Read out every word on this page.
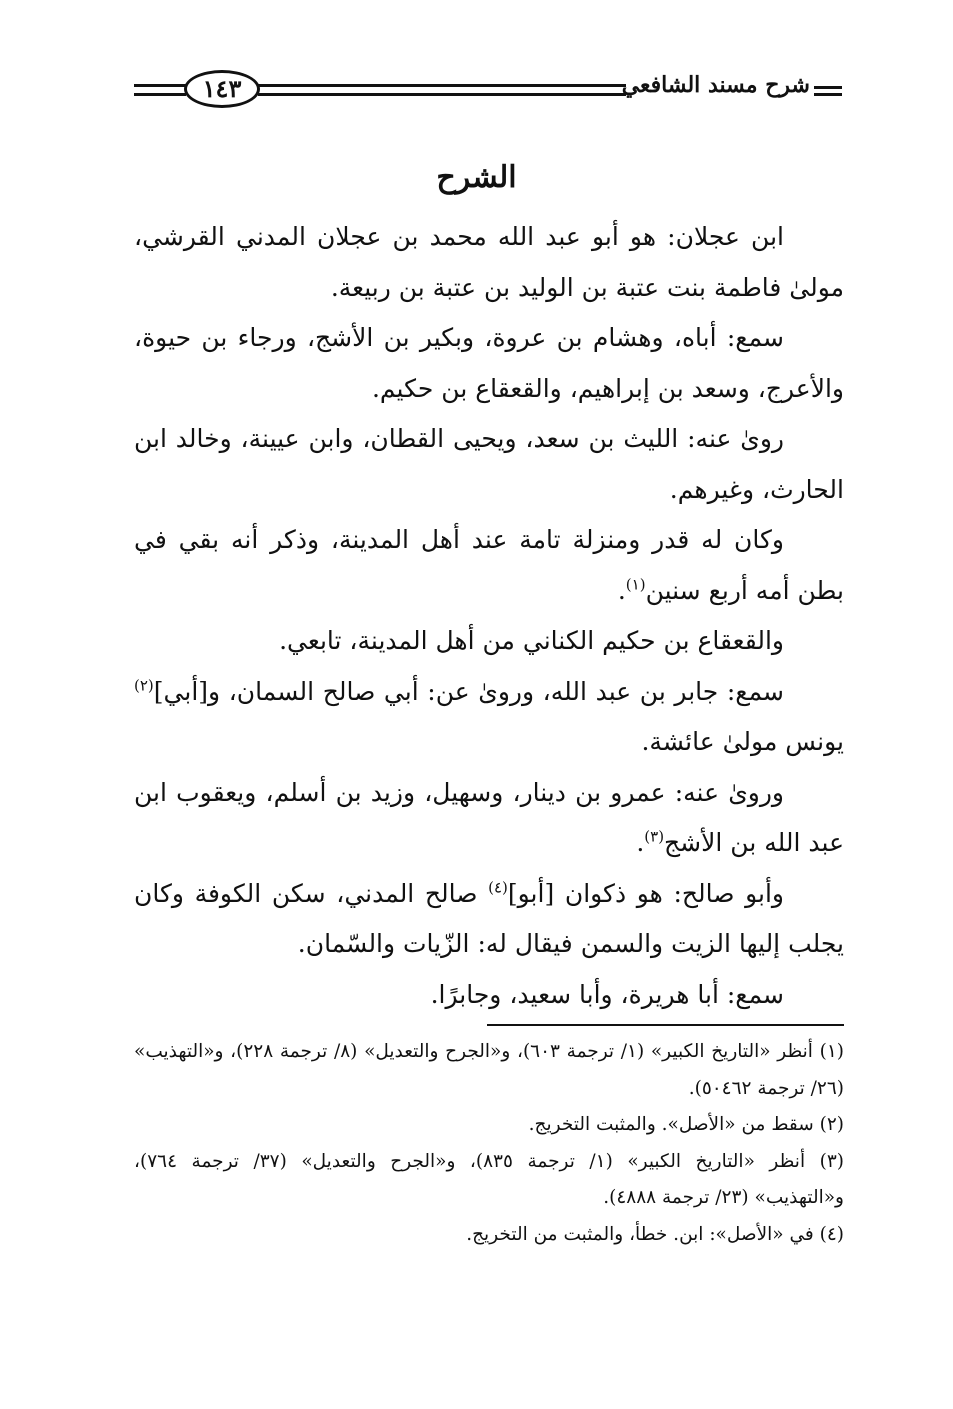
شرح مسند الشافعي
١٤٣
الشرح

ابن عجلان: هو أبو عبد الله محمد بن عجلان المدني القرشي، مولىٰ فاطمة بنت عتبة بن الوليد بن عتبة بن ربيعة.

سمع: أباه، وهشام بن عروة، وبكير بن الأشج، ورجاء بن حيوة، والأعرج، وسعد بن إبراهيم، والقعقاع بن حكيم.

روىٰ عنه: الليث بن سعد، ويحيى القطان، وابن عيينة، وخالد ابن الحارث، وغيرهم.

وكان له قدر ومنزلة تامة عند أهل المدينة، وذكر أنه بقي في بطن أمه أربع سنين$^{(١)}$.

والقعقاع بن حكيم الكناني من أهل المدينة، تابعي.

سمع: جابر بن عبد الله، وروىٰ عن: أبي صالح السمان، و[أبي]$^{(٢)}$ يونس مولىٰ عائشة.

ورویٰ عنه: عمرو بن دينار، وسهيل، وزيد بن أسلم، ويعقوب ابن عبد الله بن الأشج$^{(٣)}$.

وأبو صالح: هو ذكوان [أبو]$^{(٤)}$ صالح المدني، سكن الكوفة وكان يجلب إليها الزيت والسمن فيقال له: الزّيات والسّمان.

سمع: أبا هريرة، وأبا سعيد، وجابرًا.

(١) أنظر «التاريخ الكبير» (١/ ترجمة ٦٠٣)، و«الجرح والتعديل» (٨/ ترجمة ٢٢٨)، و«التهذيب» (٢٦/ ترجمة ٥٠٤٦٢).

(٢) سقط من «الأصل». والمثبت التخريج.

(٣) أنظر «التاريخ الكبير» (١/ ترجمة ٨٣٥)، و«الجرح والتعديل» (٣٧/ ترجمة ٧٦٤)، و«التهذيب» (٢٣/ ترجمة ٤٨٨٨).

(٤) في «الأصل»: ابن. خطأ، والمثبت من التخريج.
